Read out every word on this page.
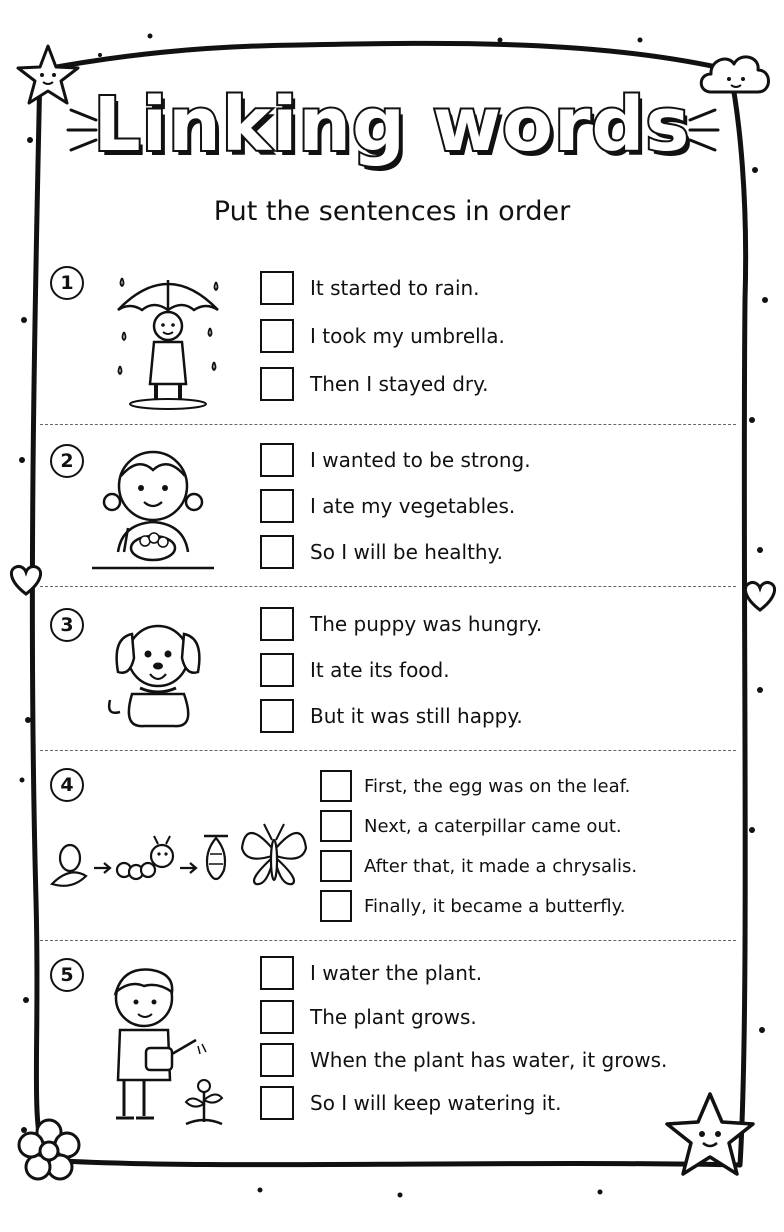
Linking words
Put the sentences in order
1	It started to rain.
I took my umbrella.
Then I stayed dry.
2	I wanted to be strong.
I ate my vegetables.
So I will be healthy.
3	The puppy was hungry.
It ate its food.
But it was still happy.
4	First, the egg was on the leaf.
Next, a caterpillar came out.
After that, it made a chrysalis.
Finally, it became a butterfly.
5	I water the plant.
The plant grows.
When the plant has water, it grows.
So I will keep watering it.
